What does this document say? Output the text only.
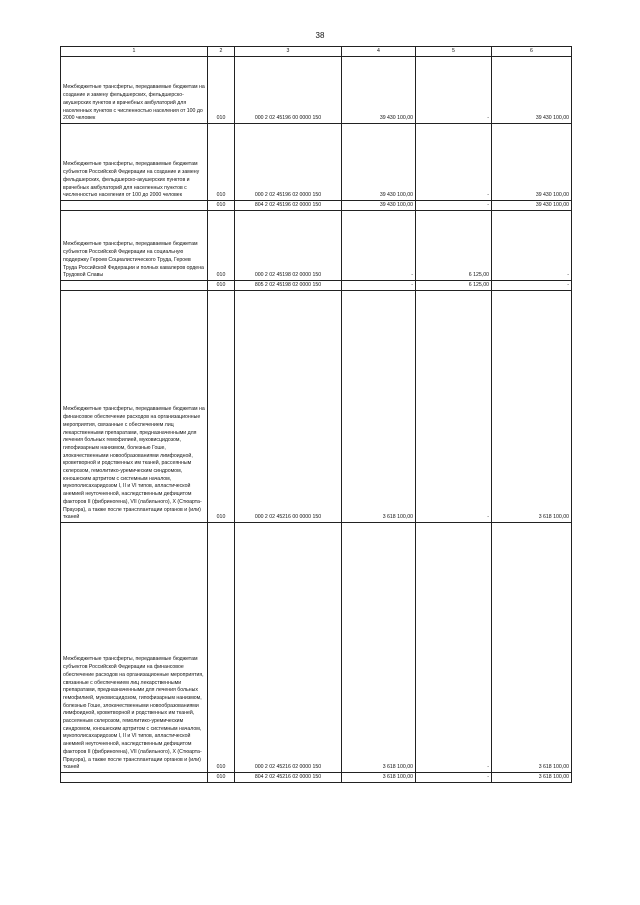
38
1	2	3	4	5	6
Межбюджетные трансферты, передаваемые бюджетам на создание и замену фельдшерских, фельдшерско-акушерских пунктов и врачебных амбулаторий для населенных пунктов с численностью населения от 100 до 2000 человек	010	000 2 02 45196 00 0000 150	39 430 100,00	-	39 430 100,00
Межбюджетные трансферты, передаваемые бюджетам субъектов Российской Федерации на создание и замену фельдшерских, фельдшерско-акушерских пунктов и врачебных амбулаторий для населенных пунктов с численностью населения от 100 до 2000 человек	010	000 2 02 45196 02 0000 150	39 430 100,00	-	39 430 100,00
	010	804 2 02 45196 02 0000 150	39 430 100,00	-	39 430 100,00
Межбюджетные трансферты, передаваемые бюджетам субъектов Российской Федерации на социальную поддержку Героев Социалистического Труда, Героев Труда Российской Федерации и полных кавалеров ордена Трудовой Славы	010	000 2 02 45198 02 0000 150	-	6 125,00	-
	010	805 2 02 45198 02 0000 150	-	6 125,00	-
Межбюджетные трансферты, передаваемые бюджетам на финансовое обеспечение расходов на организационные мероприятия, связанные с обеспечением лиц лекарственными препаратами, предназначенными для лечения больных гемофилией, муковисцидозом, гипофизарным нанизмом, болезнью Гоше, злокачественными новообразованиями лимфоидной, кроветворной и родственных им тканей, рассеянным склерозом, гемолитико-уремическим синдромом, юношеским артритом с системным началом, мукополисахаридозом I, II и VI типов, апластической анемией неуточненной, наследственным дефицитом факторов II (фибриногена), VII (лабильного), X (Стюарта-Прауэра), а также после трансплантации органов и (или) тканей	010	000 2 02 45216 00 0000 150	3 618 100,00	-	3 618 100,00
Межбюджетные трансферты, передаваемые бюджетам субъектов Российской Федерации на финансовое обеспечение расходов на организационные мероприятия, связанные с обеспечением лиц лекарственными препаратами, предназначенными для лечения больных гемофилией, муковисцидозом, гипофизарным нанизмом, болезнью Гоше, злокачественными новообразованиями лимфоидной, кроветворной и родственных им тканей, рассеянным склерозом, гемолитико-уремическим синдромом, юношеским артритом с системным началом, мукополисахаридозом I, II и VI типов, апластической анемией неуточненной, наследственным дефицитом факторов II (фибриногена), VII (лабильного), X (Стюарта-Прауэра), а также после трансплантации органов и (или) тканей	010	000 2 02 45216 02 0000 150	3 618 100,00	-	3 618 100,00
	010	804 2 02 45216 02 0000 150	3 618 100,00	-	3 618 100,00
